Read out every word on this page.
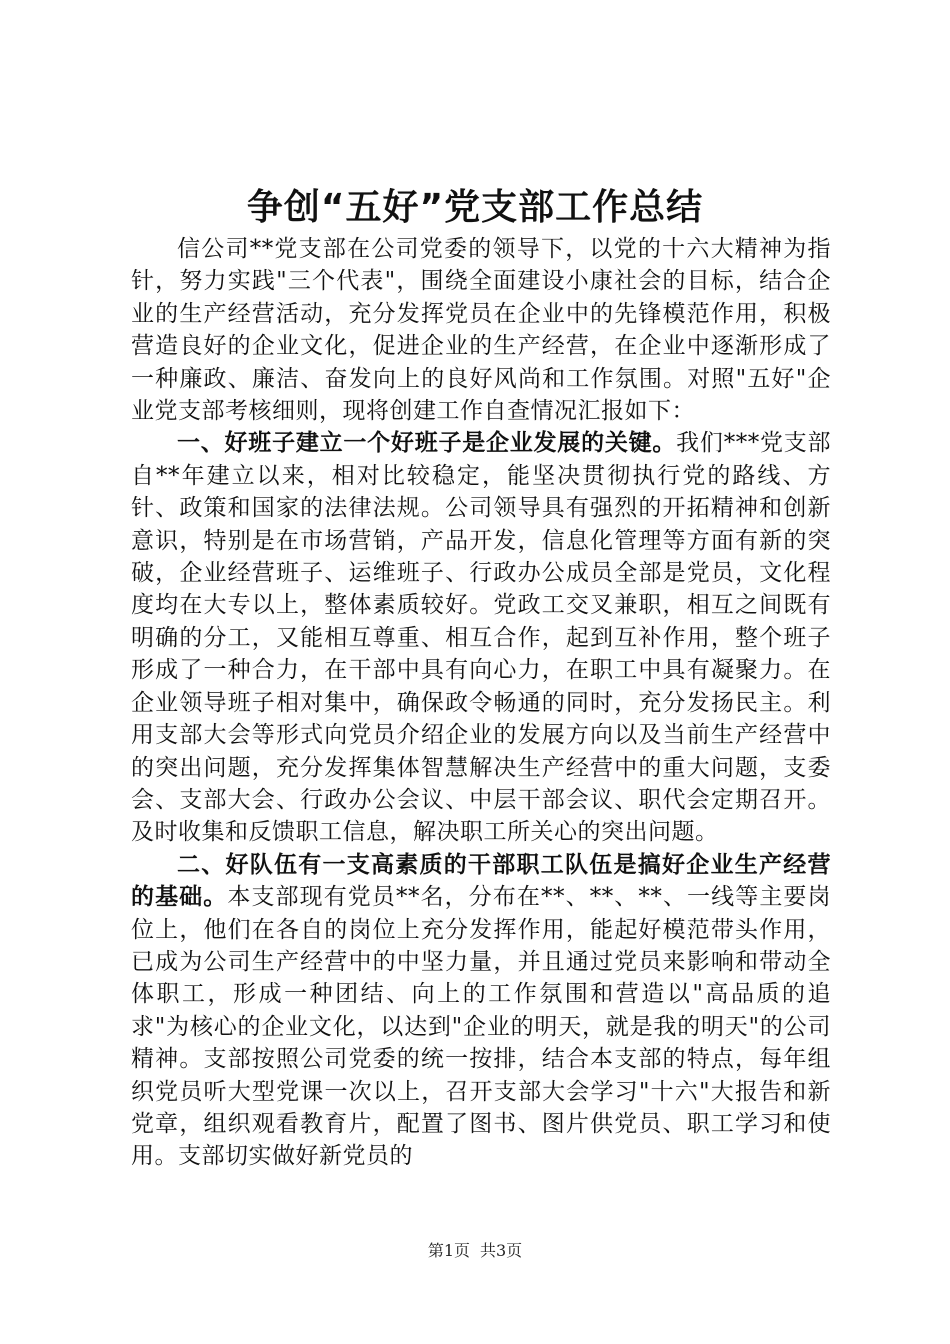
争创“五好”党支部工作总结

信公司**党支部在公司党委的领导下，以党的十六大精神为指针，努力实践"三个代表"，围绕全面建设小康社会的目标，结合企业的生产经营活动，充分发挥党员在企业中的先锋模范作用，积极营造良好的企业文化，促进企业的生产经营，在企业中逐渐形成了一种廉政、廉洁、奋发向上的良好风尚和工作氛围。对照"五好"企业党支部考核细则，现将创建工作自查情况汇报如下：

一、好班子建立一个好班子是企业发展的关键。我们***党支部自**年建立以来，相对比较稳定，能坚决贯彻执行党的路线、方针、政策和国家的法律法规。公司领导具有强烈的开拓精神和创新意识，特别是在市场营销，产品开发，信息化管理等方面有新的突破，企业经营班子、运维班子、行政办公成员全部是党员，文化程度均在大专以上，整体素质较好。党政工交叉兼职，相互之间既有明确的分工，又能相互尊重、相互合作，起到互补作用，整个班子形成了一种合力，在干部中具有向心力，在职工中具有凝聚力。在企业领导班子相对集中，确保政令畅通的同时，充分发扬民主。利用支部大会等形式向党员介绍企业的发展方向以及当前生产经营中的突出问题，充分发挥集体智慧解决生产经营中的重大问题，支委会、支部大会、行政办公会议、中层干部会议、职代会定期召开。及时收集和反馈职工信息，解决职工所关心的突出问题。

二、好队伍有一支高素质的干部职工队伍是搞好企业生产经营的基础。本支部现有党员**名，分布在**、**、**、一线等主要岗位上，他们在各自的岗位上充分发挥作用，能起好模范带头作用，已成为公司生产经营中的中坚力量，并且通过党员来影响和带动全体职工，形成一种团结、向上的工作氛围和营造以"高品质的追求"为核心的企业文化，以达到"企业的明天，就是我的明天"的公司精神。支部按照公司党委的统一按排，结合本支部的特点，每年组织党员听大型党课一次以上，召开支部大会学习"十六"大报告和新党章，组织观看教育片，配置了图书、图片供党员、职工学习和使用。支部切实做好新党员的

第1页 共3页
